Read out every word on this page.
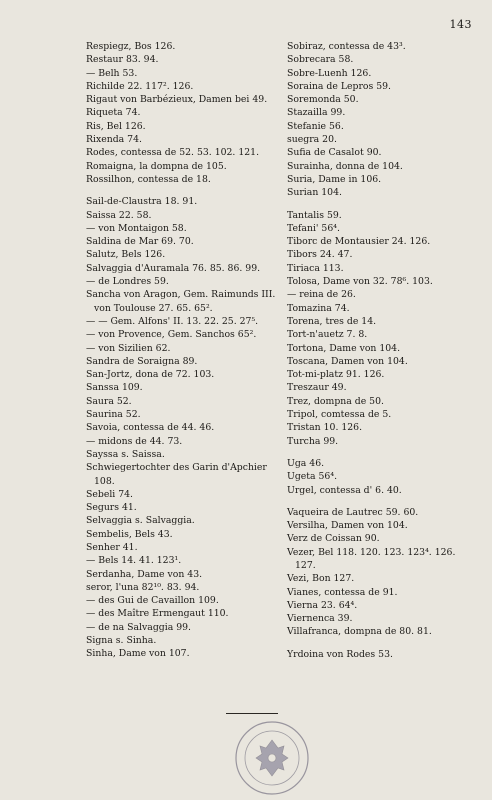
143
Respiegz, Bos 126.
Restaur 83. 94.
— Belh 53.
Richilde 22. 117². 126.
Rigaut von Barbézieux, Damen bei 49.
Riqueta 74.
Ris, Bel 126.
Rixenda 74.
Rodes, contessa de 52. 53. 102. 121.
Romaigna, la dompna de 105.
Rossilhon, contessa de 18.
Sail-de-Claustra 18. 91.
Saissa 22. 58.
— von Montaigon 58.
Saldina de Mar 69. 70.
Salutz, Bels 126.
Salvaggia d'Auramala 76. 85. 86. 99.
— de Londres 59.
Sancha von Aragon, Gem. Raimunds III.
von Toulouse 27. 65. 65².
— — Gem. Alfons' II. 13. 22. 25. 27⁵.
— von Provence, Gem. Sanchos 65².
— von Sizilien 62.
Sandra de Soraigna 89.
San-Jortz, dona de 72. 103.
Sanssa 109.
Saura 52.
Saurina 52.
Savoia, contessa de 44. 46.
— midons de 44. 73.
Sayssa s. Saissa.
Schwiegertochter des Garin d'Apchier
108.
Sebeli 74.
Segurs 41.
Selvaggia s. Salvaggia.
Sembelis, Bels 43.
Senher 41.
— Bels 14. 41. 123¹.
Serdanha, Dame von 43.
seror, l'una 82¹⁰. 83. 94.
— des Gui de Cavaillon 109.
— des Maître Ermengaut 110.
— de na Salvaggia 99.
Signa s. Sinha.
Sinha, Dame von 107.
Sobiraz, contessa de 43³.
Sobrecara 58.
Sobre-Luenh 126.
Soraina de Lepros 59.
Soremonda 50.
Stazailla 99.
Stefanie 56.
suegra 20.
Sufia de Casalot 90.
Surainha, donna de 104.
Suria, Dame in 106.
Surian 104.
Tantalis 59.
Tefani' 56⁴.
Tiborc de Montausier 24. 126.
Tibors 24. 47.
Tiriaca 113.
Tolosa, Dame von 32. 78⁶. 103.
— reina de 26.
Tomazina 74.
Torena, tres de 14.
Tort-n'auetz 7. 8.
Tortona, Dame von 104.
Toscana, Damen von 104.
Tot-mi-platz 91. 126.
Treszaur 49.
Trez, dompna de 50.
Tripol, comtessa de 5.
Tristan 10. 126.
Turcha 99.
Uga 46.
Ugeta 56⁴.
Urgel, contessa d' 6. 40.
Vaqueira de Lautrec 59. 60.
Versilha, Damen von 104.
Verz de Coissan 90.
Vezer, Bel 118. 120. 123. 123⁴. 126.
127.
Vezi, Bon 127.
Vianes, contessa de 91.
Vierna 23. 64⁴.
Viernenca 39.
Villafranca, dompna de 80. 81.
Yrdoina von Rodes 53.
